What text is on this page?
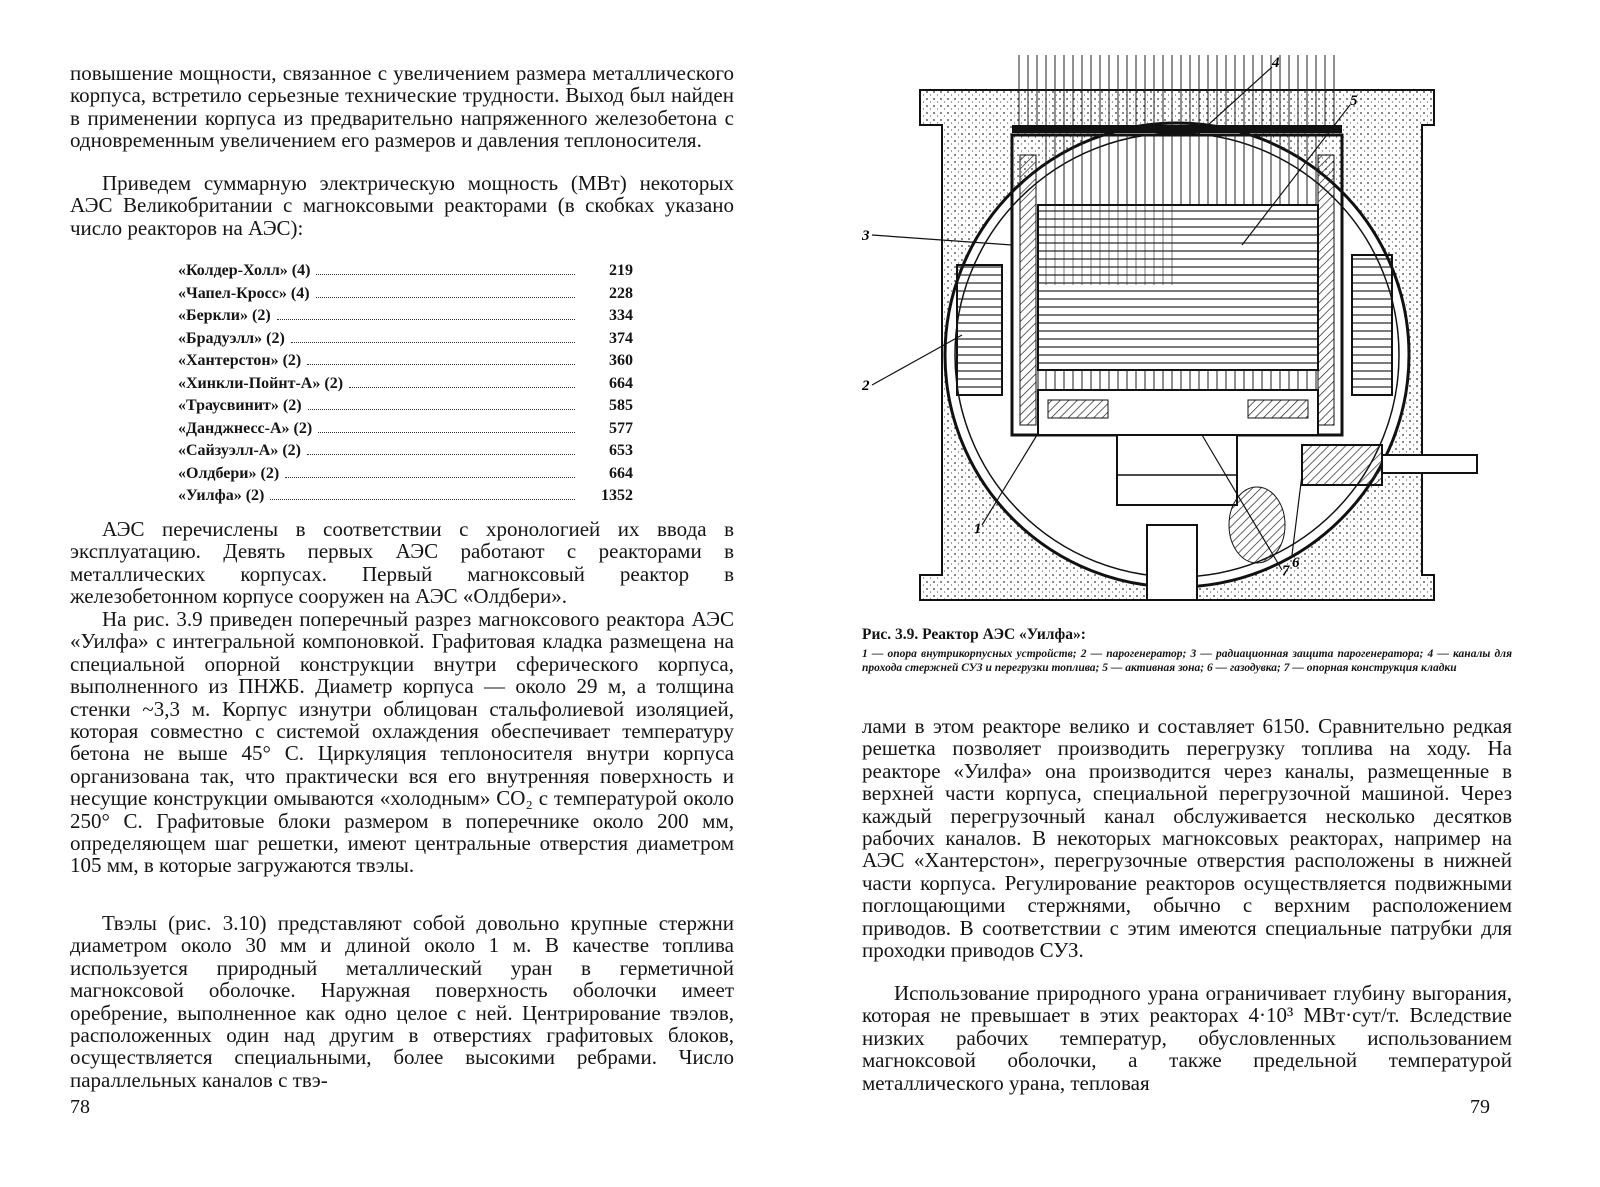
повышение мощности, связанное с увеличением размера металлического корпуса, встретило серьезные технические трудности. Выход был найден в применении корпуса из предварительно напряженного железобетона с одновременным увеличением его размеров и давления теплоносителя.

Приведем суммарную электрическую мощность (МВт) некоторых АЭС Великобритании с магноксовыми реакторами (в скобках указано число реакторов на АЭС):

«Колдер-Холл» (4)	219
«Чапел-Кросс» (4)	228
«Беркли» (2)	334
«Брадуэлл» (2)	374
«Хантерстон» (2)	360
«Хинкли-Пойнт-А» (2)	664
«Траусвинит» (2)	585
«Данджнесс-А» (2)	577
«Сайзуэлл-А» (2)	653
«Олдбери» (2)	664
«Уилфа» (2)	1352

АЭС перечислены в соответствии с хронологией их ввода в эксплуатацию. Девять первых АЭС работают с реакторами в металлических корпусах. Первый магноксовый реактор в железобетонном корпусе сооружен на АЭС «Олдбери».

На рис. 3.9 приведен поперечный разрез магноксового реактора АЭС «Уилфа» с интегральной компоновкой. Графитовая кладка размещена на специальной опорной конструкции внутри сферического корпуса, выполненного из ПНЖБ. Диаметр корпуса — около 29 м, а толщина стенки ~3,3 м. Корпус изнутри облицован стальфолиевой изоляцией, которая совместно с системой охлаждения обеспечивает температуру бетона не выше 45° С. Циркуляция теплоносителя внутри корпуса организована так, что практически вся его внутренняя поверхность и несущие конструкции омываются «холодным» СО₂ с температурой около 250° С. Графитовые блоки размером в поперечнике около 200 мм, определяющем шаг решетки, имеют центральные отверстия диаметром 105 мм, в которые загружаются твэлы.

Твэлы (рис. 3.10) представляют собой довольно крупные стержни диаметром около 30 мм и длиной около 1 м. В качестве топлива используется природный металлический уран в герметичной магноксовой оболочке. Наружная поверхность оболочки имеет оребрение, выполненное как одно целое с ней. Центрирование твэлов, расположенных один над другим в отверстиях графитовых блоков, осуществляется специальными, более высокими ребрами. Число параллельных каналов с твэ-

78
4
5
3
2
1
6
7

Рис. 3.9. Реактор АЭС «Уилфа»:

1 — опора внутрикорпусных устройств; 2 — парогенератор; 3 — радиационная защита парогенератора; 4 — каналы для прохода стержней СУЗ и перегрузки топлива; 5 — активная зона; 6 — газодувка; 7 — опорная конструкция кладки

лами в этом реакторе велико и составляет 6150. Сравнительно редкая решетка позволяет производить перегрузку топлива на ходу. На реакторе «Уилфа» она производится через каналы, размещенные в верхней части корпуса, специальной перегрузочной машиной. Через каждый перегрузочный канал обслуживается несколько десятков рабочих каналов. В некоторых магноксовых реакторах, например на АЭС «Хантерстон», перегрузочные отверстия расположены в нижней части корпуса. Регулирование реакторов осуществляется подвижными поглощающими стержнями, обычно с верхним расположением приводов. В соответствии с этим имеются специальные патрубки для проходки приводов СУЗ.

Использование природного урана ограничивает глубину выгорания, которая не превышает в этих реакторах 4·10³ МВт·сут/т. Вследствие низких рабочих температур, обусловленных использованием магноксовой оболочки, а также предельной температурой металлического урана, тепловая

79
